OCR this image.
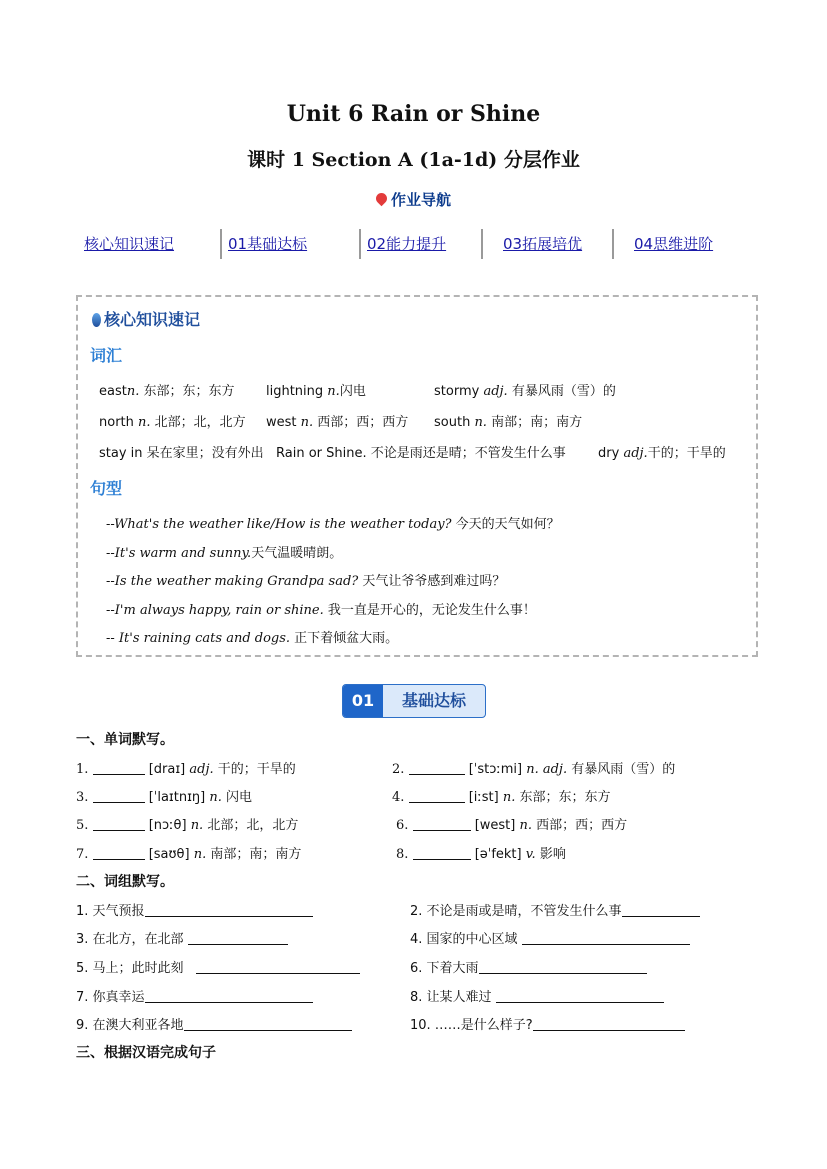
Unit 6 Rain or Shine
课时 1 Section A (1a-1d) 分层作业
作业导航
核心知识速记	01基础达标	02能力提升	03拓展培优	04思维进阶
核心知识速记
词汇
eastn. 东部；东；东方 lightning n.闪电	stormy adj. 有暴风雨（雪）的
north n. 北部；北，北方 west n. 西部；西；西方 south n. 南部；南；南方
stay in 呆在家里；没有外出 Rain or Shine. 不论是雨还是晴；不管发生什么事 dry adj.干的；干旱的
句型
--What's the weather like/How is the weather today? 今天的天气如何？
--It's warm and sunny.天气温暖晴朗。
--Is the weather making Grandpa sad? 天气让爷爷感到难过吗？
--I'm always happy, rain or shine. 我一直是开心的，无论发生什么事！
-- It's raining cats and dogs. 正下着倾盆大雨。
01	基础达标
一、单词默写。
1.	[draɪ] adj. 干的；干旱的	2.	[ˈstɔːmi] n. adj. 有暴风雨（雪）的
3.	[ˈlaɪtnɪŋ] n. 闪电	4.	[iːst] n. 东部；东；东方
5.	[nɔːθ] n. 北部；北，北方	6.	[west] n. 西部；西；西方
7.	[saʊθ] n. 南部；南；南方	8.	[əˈfekt] v. 影响
二、词组默写。
1. 天气预报	2. 不论是雨或是晴，不管发生什么事
3. 在北方，在北部	4. 国家的中心区域
5. 马上；此时此刻	6. 下着大雨
7. 你真幸运	8. 让某人难过
9. 在澳大利亚各地	10. ……是什么样子?
三、根据汉语完成句子
